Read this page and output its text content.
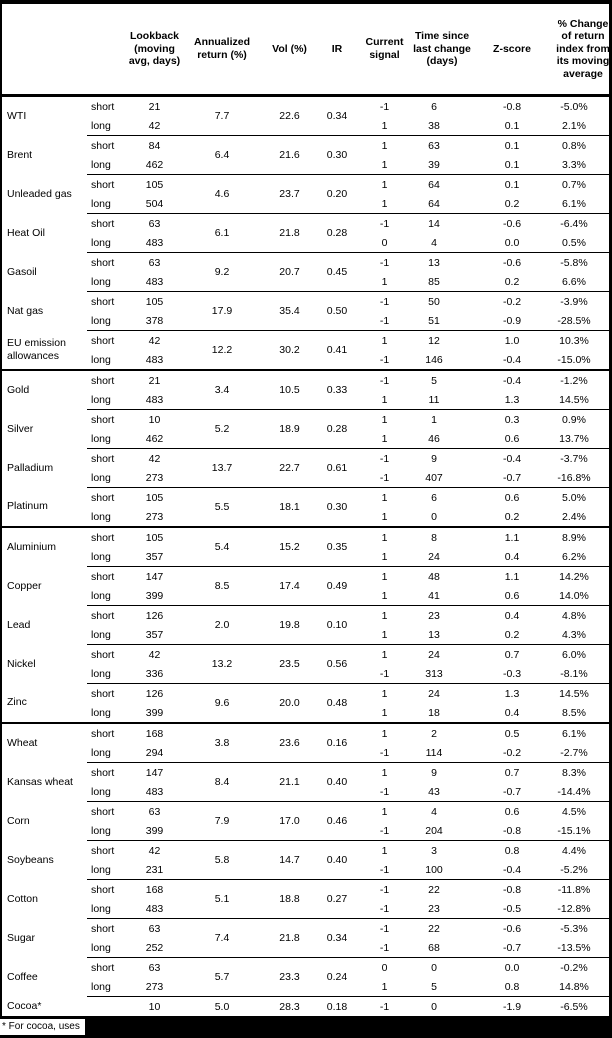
		Lookback (moving avg, days)	Annualized return (%)	Vol (%)	IR	Current signal	Time since last change (days)	Z-score	% Change of return index from its moving average
WTI	short	21	7.7	22.6	0.34	-1	6	-0.8	-5.0%
	long	42				1	38	0.1	2.1%
Brent	short	84	6.4	21.6	0.30	1	63	0.1	0.8%
	long	462				1	39	0.1	3.3%
Unleaded gas	short	105	4.6	23.7	0.20	1	64	0.1	0.7%
	long	504				1	64	0.2	6.1%
Heat Oil	short	63	6.1	21.8	0.28	-1	14	-0.6	-6.4%
	long	483				0	4	0.0	0.5%
Gasoil	short	63	9.2	20.7	0.45	-1	13	-0.6	-5.8%
	long	483				1	85	0.2	6.6%
Nat gas	short	105	17.9	35.4	0.50	-1	50	-0.2	-3.9%
	long	378				-1	51	-0.9	-28.5%
EU emission allowances	short	42	12.2	30.2	0.41	1	12	1.0	10.3%
	long	483				-1	146	-0.4	-15.0%
Gold	short	21	3.4	10.5	0.33	-1	5	-0.4	-1.2%
	long	483				1	11	1.3	14.5%
Silver	short	10	5.2	18.9	0.28	1	1	0.3	0.9%
	long	462				1	46	0.6	13.7%
Palladium	short	42	13.7	22.7	0.61	-1	9	-0.4	-3.7%
	long	273				-1	407	-0.7	-16.8%
Platinum	short	105	5.5	18.1	0.30	1	6	0.6	5.0%
	long	273				1	0	0.2	2.4%
Aluminium	short	105	5.4	15.2	0.35	1	8	1.1	8.9%
	long	357				1	24	0.4	6.2%
Copper	short	147	8.5	17.4	0.49	1	48	1.1	14.2%
	long	399				1	41	0.6	14.0%
Lead	short	126	2.0	19.8	0.10	1	23	0.4	4.8%
	long	357				1	13	0.2	4.3%
Nickel	short	42	13.2	23.5	0.56	1	24	0.7	6.0%
	long	336				-1	313	-0.3	-8.1%
Zinc	short	126	9.6	20.0	0.48	1	24	1.3	14.5%
	long	399				1	18	0.4	8.5%
Wheat	short	168	3.8	23.6	0.16	1	2	0.5	6.1%
	long	294				-1	114	-0.2	-2.7%
Kansas wheat	short	147	8.4	21.1	0.40	1	9	0.7	8.3%
	long	483				-1	43	-0.7	-14.4%
Corn	short	63	7.9	17.0	0.46	1	4	0.6	4.5%
	long	399				-1	204	-0.8	-15.1%
Soybeans	short	42	5.8	14.7	0.40	1	3	0.8	4.4%
	long	231				-1	100	-0.4	-5.2%
Cotton	short	168	5.1	18.8	0.27	-1	22	-0.8	-11.8%
	long	483				-1	23	-0.5	-12.8%
Sugar	short	63	7.4	21.8	0.34	-1	22	-0.6	-5.3%
	long	252				-1	68	-0.7	-13.5%
Coffee	short	63	5.7	23.3	0.24	0	0	0.0	-0.2%
	long	273				1	5	0.8	14.8%
Cocoa*		10	5.0	28.3	0.18	-1	0	-1.9	-6.5%
* For cocoa, uses
